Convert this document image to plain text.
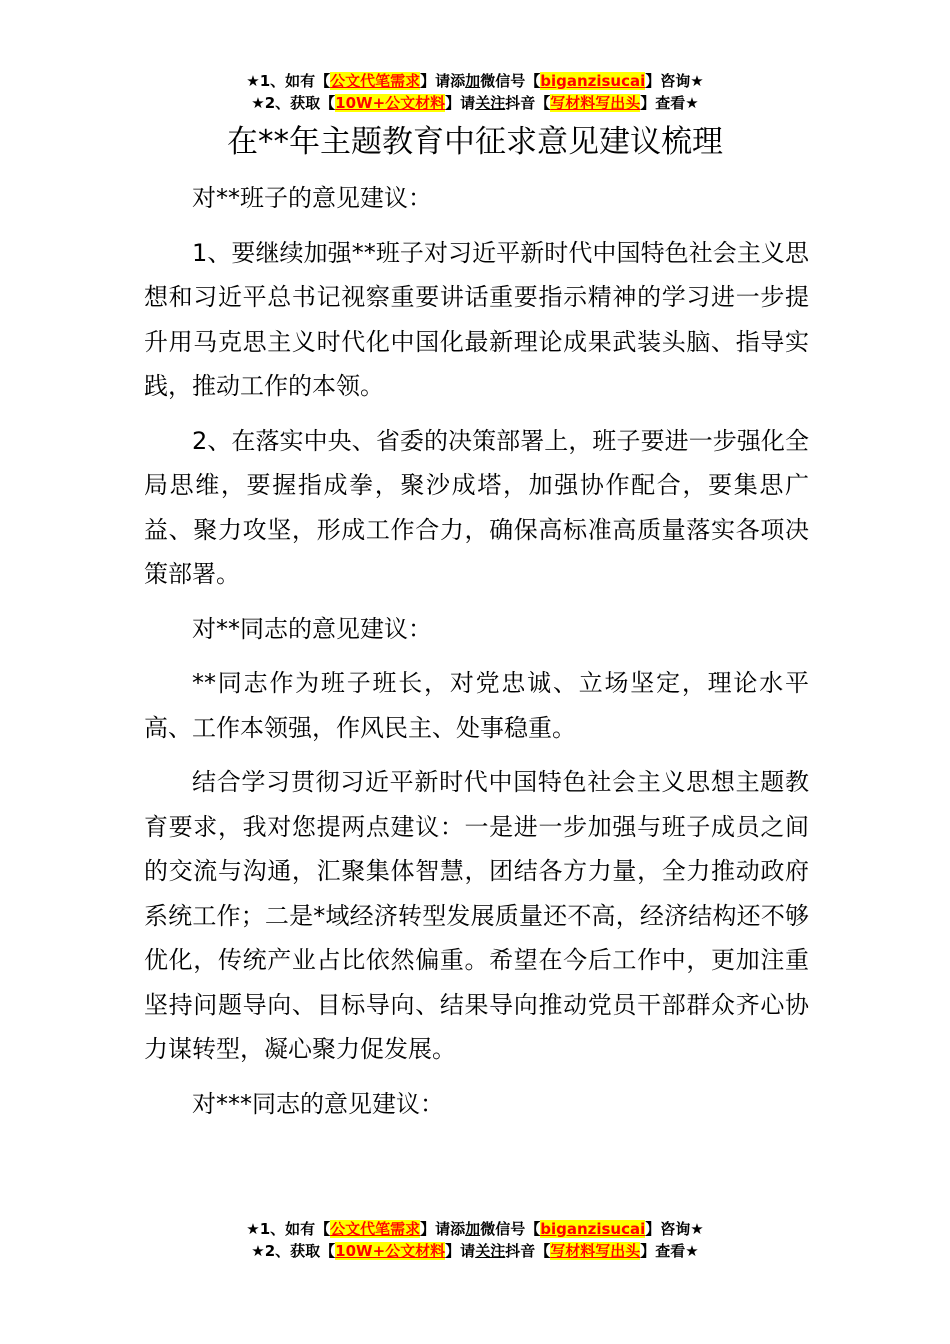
★1、如有【公文代笔需求】请添加微信号【biganzisucai】咨询★
★2、获取【10W+公文材料】请关注抖音【写材料写出头】查看★
在**年主题教育中征求意见建议梳理

对**班子的意见建议：

1、要继续加强**班子对习近平新时代中国特色社会主义思想和习近平总书记视察重要讲话重要指示精神的学习进一步提升用马克思主义时代化中国化最新理论成果武装头脑、指导实践，推动工作的本领。

2、在落实中央、省委的决策部署上，班子要进一步强化全局思维，要握指成拳，聚沙成塔，加强协作配合，要集思广益、聚力攻坚，形成工作合力，确保高标准高质量落实各项决策部署。

对**同志的意见建议：

**同志作为班子班长，对党忠诚、立场坚定，理论水平高、工作本领强，作风民主、处事稳重。

结合学习贯彻习近平新时代中国特色社会主义思想主题教育要求，我对您提两点建议：一是进一步加强与班子成员之间的交流与沟通，汇聚集体智慧，团结各方力量，全力推动政府系统工作；二是*域经济转型发展质量还不高，经济结构还不够优化，传统产业占比依然偏重。希望在今后工作中，更加注重坚持问题导向、目标导向、结果导向推动党员干部群众齐心协力谋转型，凝心聚力促发展。

对***同志的意见建议：

★1、如有【公文代笔需求】请添加微信号【biganzisucai】咨询★
★2、获取【10W+公文材料】请关注抖音【写材料写出头】查看★
